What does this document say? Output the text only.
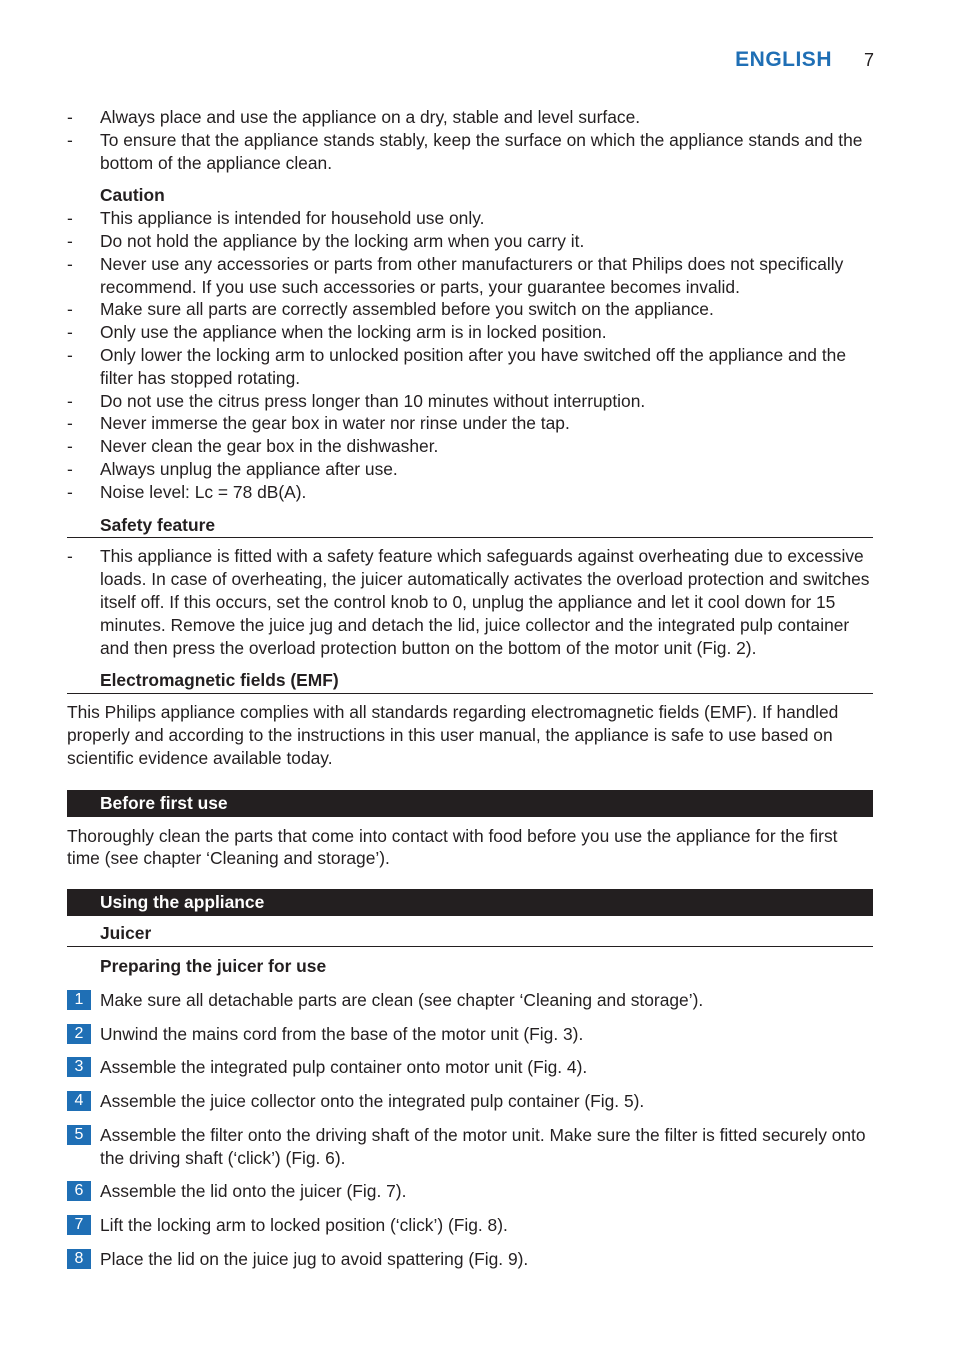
ENGLISH 7
- Always place and use the appliance on a dry, stable and level surface.
- To ensure that the appliance stands stably, keep the surface on which the appliance stands and the bottom of the appliance clean.
Caution
- This appliance is intended for household use only.
- Do not hold the appliance by the locking arm when you carry it.
- Never use any accessories or parts from other manufacturers or that Philips does not specifically recommend. If you use such accessories or parts, your guarantee becomes invalid.
- Make sure all parts are correctly assembled before you switch on the appliance.
- Only use the appliance when the locking arm is in locked position.
- Only lower the locking arm to unlocked position after you have switched off the appliance and the filter has stopped rotating.
- Do not use the citrus press longer than 10 minutes without interruption.
- Never immerse the gear box in water nor rinse under the tap.
- Never clean the gear box in the dishwasher.
- Always unplug the appliance after use.
- Noise level: Lc = 78 dB(A).
Safety feature
- This appliance is fitted with a safety feature which safeguards against overheating due to excessive loads. In case of overheating, the juicer automatically activates the overload protection and switches itself off. If this occurs, set the control knob to 0, unplug the appliance and let it cool down for 15 minutes. Remove the juice jug and detach the lid, juice collector and the integrated pulp container and then press the overload protection button on the bottom of the motor unit (Fig. 2).
Electromagnetic fields (EMF)

This Philips appliance complies with all standards regarding electromagnetic fields (EMF). If handled properly and according to the instructions in this user manual, the appliance is safe to use based on scientific evidence available today.

Before first use

Thoroughly clean the parts that come into contact with food before you use the appliance for the first time (see chapter ‘Cleaning and storage’).

Using the appliance
Juicer
Preparing the juicer for use
1 Make sure all detachable parts are clean (see chapter ‘Cleaning and storage’).
2 Unwind the mains cord from the base of the motor unit (Fig. 3).
3 Assemble the integrated pulp container onto motor unit (Fig. 4).
4 Assemble the juice collector onto the integrated pulp container (Fig. 5).
5 Assemble the filter onto the driving shaft of the motor unit. Make sure the filter is fitted securely onto the driving shaft (‘click’) (Fig. 6).
6 Assemble the lid onto the juicer (Fig. 7).
7 Lift the locking arm to locked position (‘click’) (Fig. 8).
8 Place the lid on the juice jug to avoid spattering (Fig. 9).
